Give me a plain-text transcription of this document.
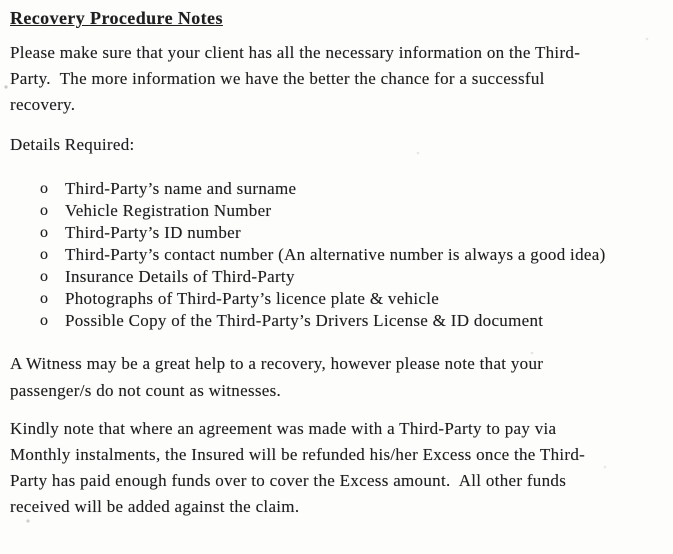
Recovery Procedure Notes
Please make sure that your client has all the necessary information on the Third-
Party.  The more information we have the better the chance for a successful
recovery.
Details Required:
o Third-Party’s name and surname
o Vehicle Registration Number
o Third-Party’s ID number
o Third-Party’s contact number (An alternative number is always a good idea)
o Insurance Details of Third-Party
o Photographs of Third-Party’s licence plate & vehicle
o Possible Copy of the Third-Party’s Drivers License & ID document
A Witness may be a great help to a recovery, however please note that your
passenger/s do not count as witnesses.
Kindly note that where an agreement was made with a Third-Party to pay via
Monthly instalments, the Insured will be refunded his/her Excess once the Third-
Party has paid enough funds over to cover the Excess amount.  All other funds
received will be added against the claim.
